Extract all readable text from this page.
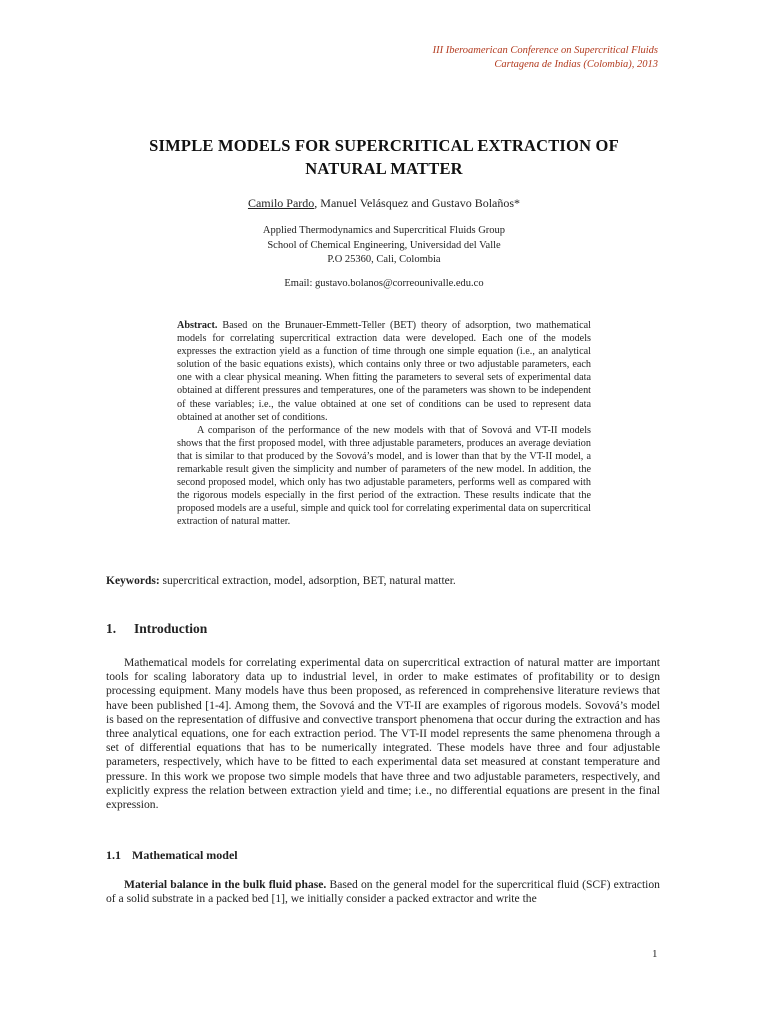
III Iberoamerican Conference on Supercritical Fluids
Cartagena de Indias (Colombia), 2013
SIMPLE MODELS FOR SUPERCRITICAL EXTRACTION OF
NATURAL MATTER
Camilo Pardo, Manuel Velásquez and Gustavo Bolaños*
Applied Thermodynamics and Supercritical Fluids Group
School of Chemical Engineering, Universidad del Valle
P.O 25360, Cali, Colombia
Email: gustavo.bolanos@correounivalle.edu.co

Abstract. Based on the Brunauer-Emmett-Teller (BET) theory of adsorption, two mathematical models for correlating supercritical extraction data were developed. Each one of the models expresses the extraction yield as a function of time through one simple equation (i.e., an analytical solution of the basic equations exists), which contains only three or two adjustable parameters, each one with a clear physical meaning. When fitting the parameters to several sets of experimental data obtained at different pressures and temperatures, one of the parameters was shown to be independent of these variables; i.e., the value obtained at one set of conditions can be used to represent data obtained at another set of conditions.

A comparison of the performance of the new models with that of Sovová and VT-II models shows that the first proposed model, with three adjustable parameters, produces an average deviation that is similar to that produced by the Sovová’s model, and is lower than that by the VT-II model, a remarkable result given the simplicity and number of parameters of the new model. In addition, the second proposed model, which only has two adjustable parameters, performs well as compared with the rigorous models especially in the first period of the extraction. These results indicate that the proposed models are a useful, simple and quick tool for correlating experimental data on supercritical extraction of natural matter.

Keywords: supercritical extraction, model, adsorption, BET, natural matter.
1. Introduction

Mathematical models for correlating experimental data on supercritical extraction of natural matter are important tools for scaling laboratory data up to industrial level, in order to make estimates of profitability or to design processing equipment. Many models have thus been proposed, as referenced in comprehensive literature reviews that have been published [1-4]. Among them, the Sovová and the VT-II are examples of rigorous models. Sovová’s model is based on the representation of diffusive and convective transport phenomena that occur during the extraction and has three analytical equations, one for each extraction period. The VT-II model represents the same phenomena through a set of differential equations that has to be numerically integrated. These models have three and four adjustable parameters, respectively, which have to be fitted to each experimental data set measured at constant temperature and pressure. In this work we propose two simple models that have three and two adjustable parameters, respectively, and explicitly express the relation between extraction yield and time; i.e., no differential equations are present in the final expression.

1.1 Mathematical model

Material balance in the bulk fluid phase. Based on the general model for the supercritical fluid (SCF) extraction of a solid substrate in a packed bed [1], we initially consider a packed extractor and write the

1
